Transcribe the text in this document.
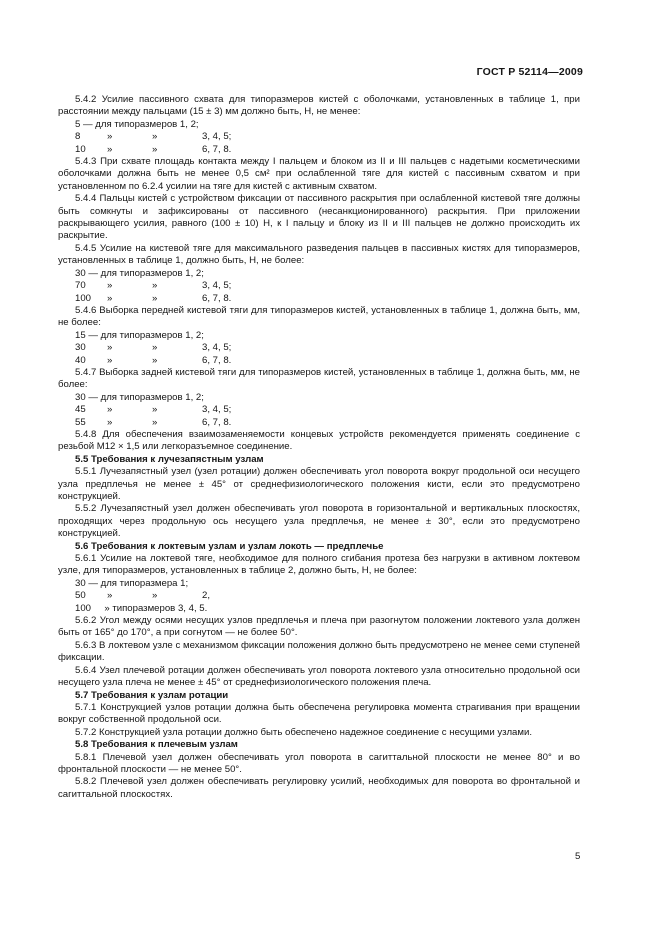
ГОСТ Р 52114—2009

5.4.2 Усилие пассивного схвата для типоразмеров кистей с оболочками, установленных в таблице 1, при расстоянии между пальцами (15 ± 3) мм должно быть, Н, не менее:

5 — для типоразмеров 1, 2;
8	»	»	3, 4, 5;
10 »	»	6, 7, 8.

5.4.3 При схвате площадь контакта между I пальцем и блоком из II и III пальцев с надетыми косметическими оболочками должна быть не менее 0,5 см² при ослабленной тяге для кистей с пассивным схватом и при установленном по 6.2.4 усилии на тяге для кистей с активным схватом.

5.4.4 Пальцы кистей с устройством фиксации от пассивного раскрытия при ослабленной кистевой тяге должны быть сомкнуты и зафиксированы от пассивного (несанкционированного) раскрытия. При приложении раскрывающего усилия, равного (100 ± 10) Н, к I пальцу и блоку из II и III пальцев не должно происходить их раскрытие.

5.4.5 Усилие на кистевой тяге для максимального разведения пальцев в пассивных кистях для типоразмеров, установленных в таблице 1, должно быть, Н, не более:

30 — для типоразмеров 1, 2;
70 »	»	3, 4, 5;
100 »	»	6, 7, 8.

5.4.6 Выборка передней кистевой тяги для типоразмеров кистей, установленных в таблице 1, должна быть, мм, не более:

15 — для типоразмеров 1, 2;
30 »	»	3, 4, 5;
40 »	»	6, 7, 8.

5.4.7 Выборка задней кистевой тяги для типоразмеров кистей, установленных в таблице 1, должна быть, мм, не более:

30 — для типоразмеров 1, 2;
45 »	»	3, 4, 5;
55 »	»	6, 7, 8.

5.4.8 Для обеспечения взаимозаменяемости концевых устройств рекомендуется применять соединение с резьбой М12 × 1,5 или легкоразъемное соединение.

5.5 Требования к лучезапястным узлам

5.5.1 Лучезапястный узел (узел ротации) должен обеспечивать угол поворота вокруг продольной оси несущего узла предплечья не менее ± 45° от среднефизиологического положения кисти, если это предусмотрено конструкцией.

5.5.2 Лучезапястный узел должен обеспечивать угол поворота в горизонтальной и вертикальных плоскостях, проходящих через продольную ось несущего узла предплечья, не менее ± 30°, если это предусмотрено конструкцией.

5.6 Требования к локтевым узлам и узлам локоть — предплечье

5.6.1 Усилие на локтевой тяге, необходимое для полного сгибания протеза без нагрузки в активном локтевом узле, для типоразмеров, установленных в таблице 2, должно быть, Н, не более:

30 — для типоразмера 1;
50 »	»	2,
100     » типоразмеров 3, 4, 5.

5.6.2 Угол между осями несущих узлов предплечья и плеча при разогнутом положении локтевого узла должен быть от 165° до 170°, а при согнутом — не более 50°.

5.6.3 В локтевом узле с механизмом фиксации положения должно быть предусмотрено не менее семи ступеней фиксации.

5.6.4 Узел плечевой ротации должен обеспечивать угол поворота локтевого узла относительно продольной оси несущего узла плеча не менее ± 45° от среднефизиологического положения плеча.

5.7 Требования к узлам ротации

5.7.1 Конструкцией узлов ротации должна быть обеспечена регулировка момента страгивания при вращении вокруг собственной продольной оси.

5.7.2 Конструкцией узла ротации должно быть обеспечено надежное соединение с несущими узлами.

5.8 Требования к плечевым узлам

5.8.1 Плечевой узел должен обеспечивать угол поворота в сагиттальной плоскости не менее 80° и во фронтальной плоскости — не менее 50°.

5.8.2 Плечевой узел должен обеспечивать регулировку усилий, необходимых для поворота во фронтальной и сагиттальной плоскостях.

5
